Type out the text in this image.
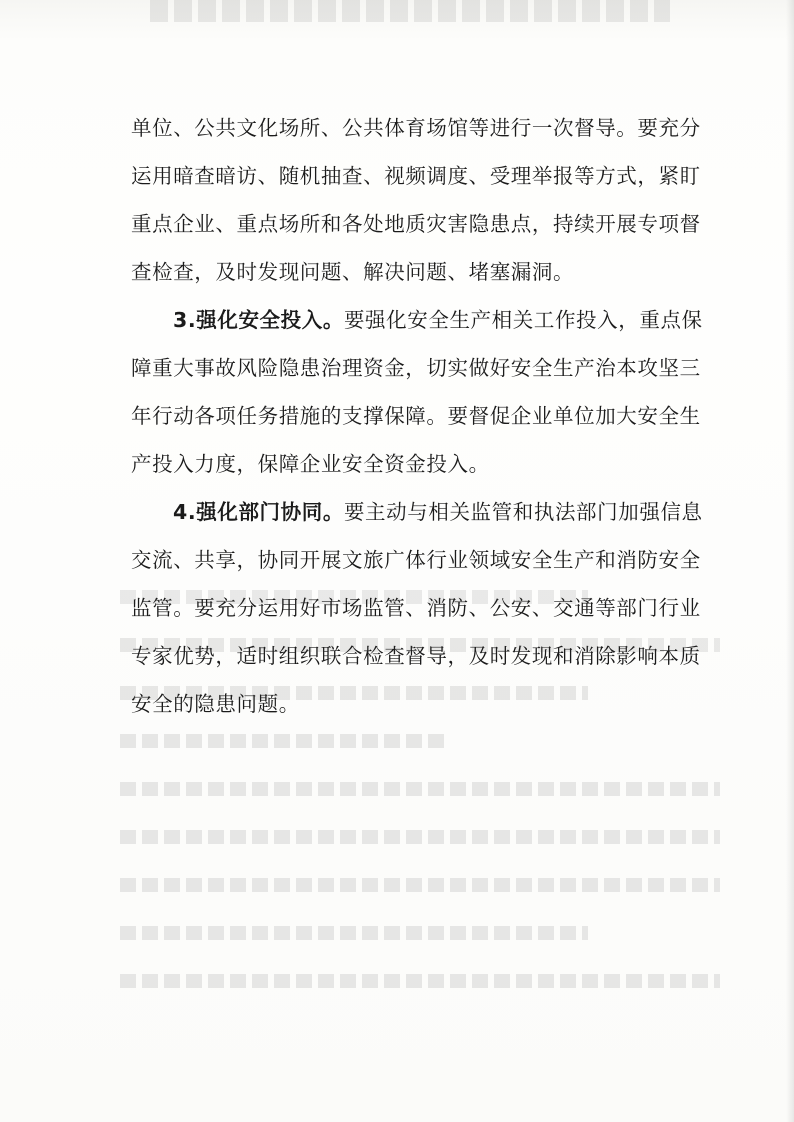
单位、公共文化场所、公共体育场馆等进行一次督导。要充分
运用暗查暗访、随机抽查、视频调度、受理举报等方式，紧盯
重点企业、重点场所和各处地质灾害隐患点，持续开展专项督
查检查，及时发现问题、解决问题、堵塞漏洞。
3.强化安全投入。要强化安全生产相关工作投入，重点保
障重大事故风险隐患治理资金，切实做好安全生产治本攻坚三
年行动各项任务措施的支撑保障。要督促企业单位加大安全生
产投入力度，保障企业安全资金投入。
4.强化部门协同。要主动与相关监管和执法部门加强信息
交流、共享，协同开展文旅广体行业领域安全生产和消防安全
监管。要充分运用好市场监管、消防、公安、交通等部门行业
专家优势，适时组织联合检查督导，及时发现和消除影响本质
安全的隐患问题。
